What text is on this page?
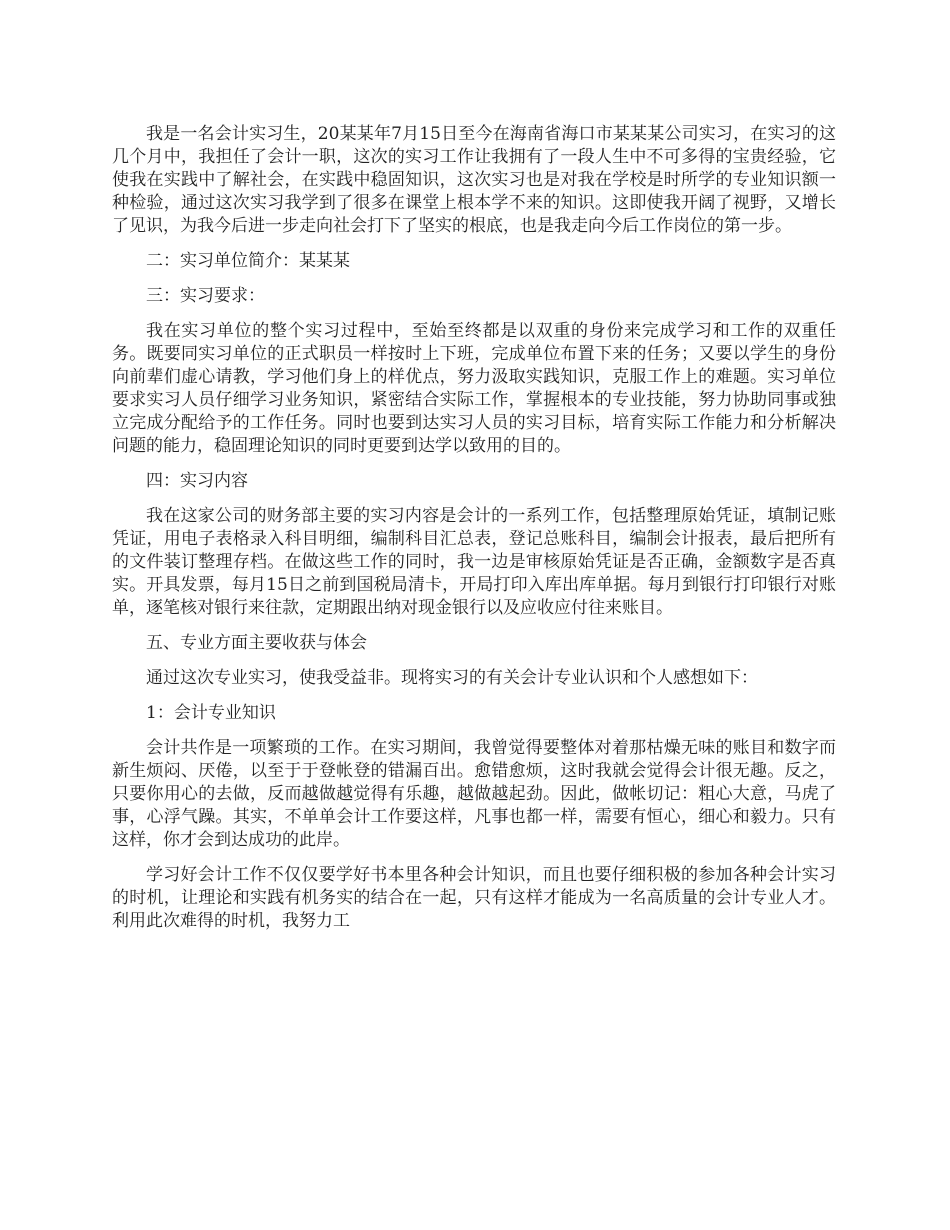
我是一名会计实习生，20某某年7月15日至今在海南省海口市某某某公司实习，在实习的这几个月中，我担任了会计一职，这次的实习工作让我拥有了一段人生中不可多得的宝贵经验，它使我在实践中了解社会，在实践中稳固知识，这次实习也是对我在学校是时所学的专业知识额一种检验，通过这次实习我学到了很多在课堂上根本学不来的知识。这即使我开阔了视野，又增长了见识，为我今后进一步走向社会打下了坚实的根底，也是我走向今后工作岗位的第一步。

二：实习单位简介：某某某

三：实习要求：

我在实习单位的整个实习过程中，至始至终都是以双重的身份来完成学习和工作的双重任务。既要同实习单位的正式职员一样按时上下班，完成单位布置下来的任务；又要以学生的身份向前辈们虚心请教，学习他们身上的样优点，努力汲取实践知识，克服工作上的难题。实习单位要求实习人员仔细学习业务知识，紧密结合实际工作，掌握根本的专业技能，努力协助同事或独立完成分配给予的工作任务。同时也要到达实习人员的实习目标，培育实际工作能力和分析解决问题的能力，稳固理论知识的同时更要到达学以致用的目的。

四：实习内容

我在这家公司的财务部主要的实习内容是会计的一系列工作，包括整理原始凭证，填制记账凭证，用电子表格录入科目明细，编制科目汇总表，登记总账科目，编制会计报表，最后把所有的文件装订整理存档。在做这些工作的同时，我一边是审核原始凭证是否正确，金额数字是否真实。开具发票，每月15日之前到国税局清卡，开局打印入库出库单据。每月到银行打印银行对账单，逐笔核对银行来往款，定期跟出纳对现金银行以及应收应付往来账目。

五、专业方面主要收获与体会

通过这次专业实习，使我受益非。现将实习的有关会计专业认识和个人感想如下：

1：会计专业知识

会计共作是一项繁琐的工作。在实习期间，我曾觉得要整体对着那枯燥无味的账目和数字而新生烦闷、厌倦，以至于于登帐登的错漏百出。愈错愈烦，这时我就会觉得会计很无趣。反之，只要你用心的去做，反而越做越觉得有乐趣，越做越起劲。因此，做帐切记：粗心大意，马虎了事，心浮气躁。其实，不单单会计工作要这样，凡事也都一样，需要有恒心，细心和毅力。只有这样，你才会到达成功的此岸。

学习好会计工作不仅仅要学好书本里各种会计知识，而且也要仔细积极的参加各种会计实习的时机，让理论和实践有机务实的结合在一起，只有这样才能成为一名高质量的会计专业人才。利用此次难得的时机，我努力工
